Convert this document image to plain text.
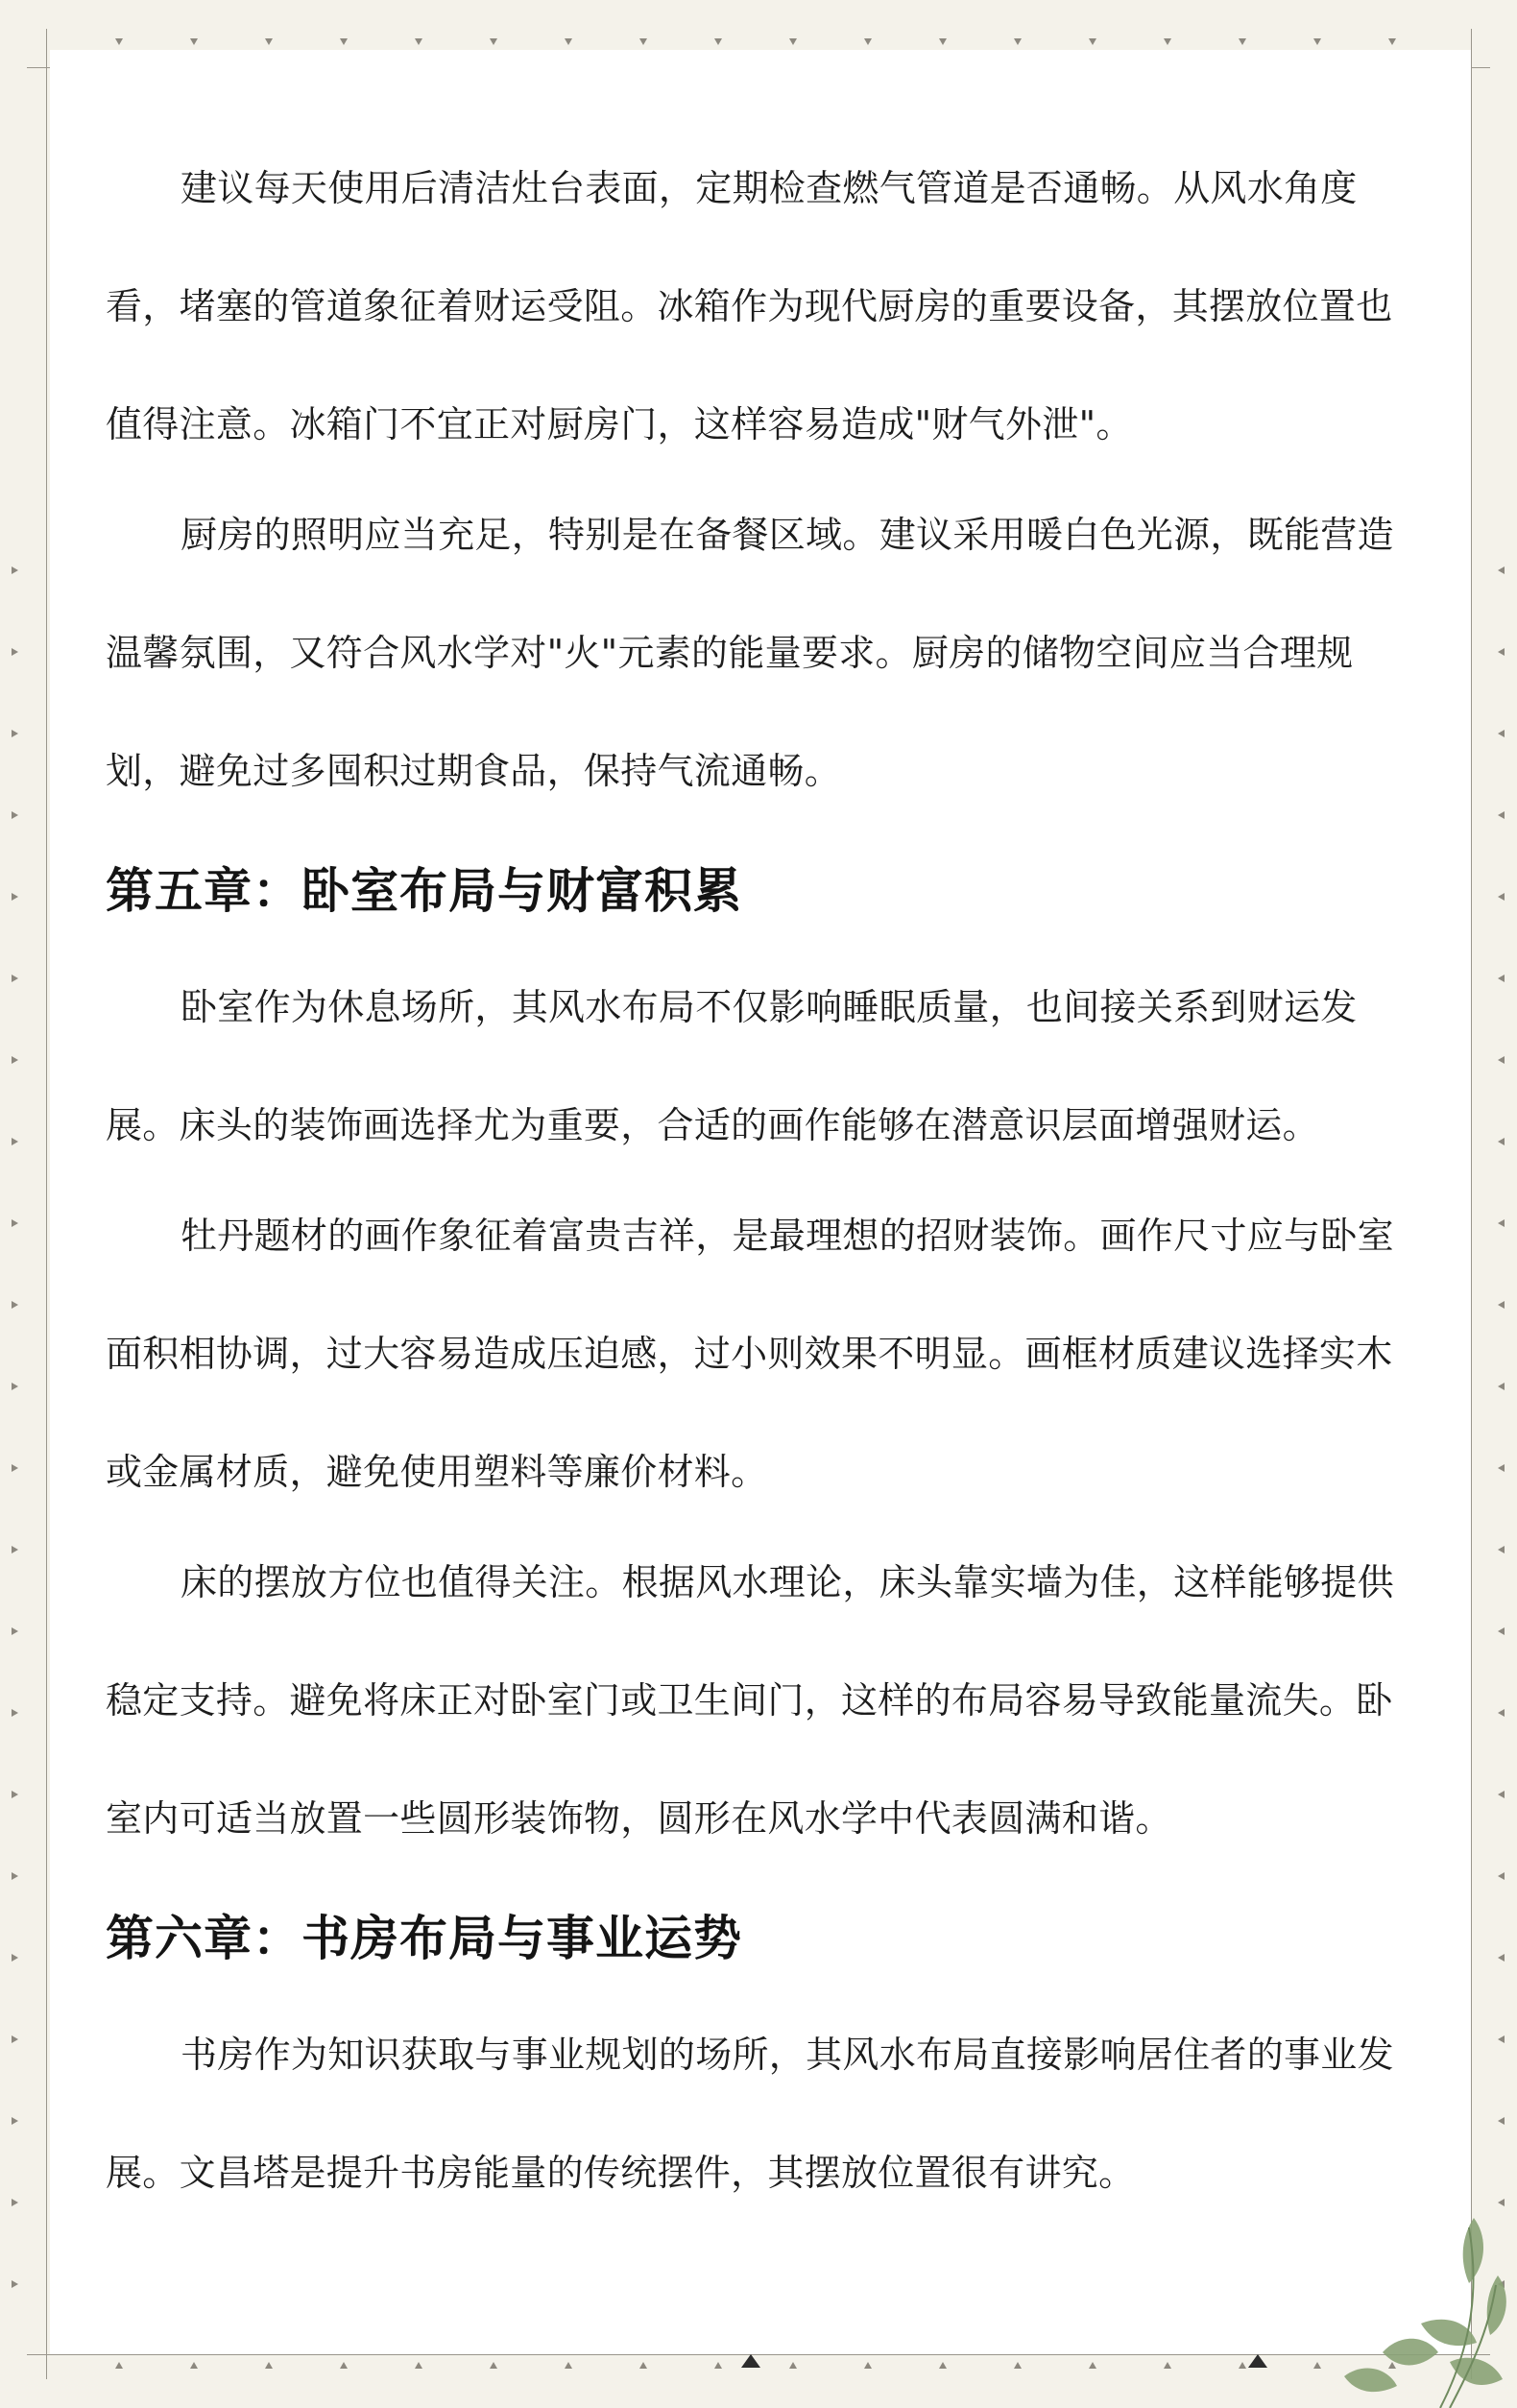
建议每天使用后清洁灶台表面，定期检查燃气管道是否通畅。从风水角度看，堵塞的管道象征着财运受阻。冰箱作为现代厨房的重要设备，其摆放位置也值得注意。冰箱门不宜正对厨房门，这样容易造成"财气外泄"。

厨房的照明应当充足，特别是在备餐区域。建议采用暖白色光源，既能营造温馨氛围，又符合风水学对"火"元素的能量要求。厨房的储物空间应当合理规划，避免过多囤积过期食品，保持气流通畅。

第五章：卧室布局与财富积累

卧室作为休息场所，其风水布局不仅影响睡眠质量，也间接关系到财运发展。床头的装饰画选择尤为重要，合适的画作能够在潜意识层面增强财运。

牡丹题材的画作象征着富贵吉祥，是最理想的招财装饰。画作尺寸应与卧室面积相协调，过大容易造成压迫感，过小则效果不明显。画框材质建议选择实木或金属材质，避免使用塑料等廉价材料。

床的摆放方位也值得关注。根据风水理论，床头靠实墙为佳，这样能够提供稳定支持。避免将床正对卧室门或卫生间门，这样的布局容易导致能量流失。卧室内可适当放置一些圆形装饰物，圆形在风水学中代表圆满和谐。

第六章：书房布局与事业运势

书房作为知识获取与事业规划的场所，其风水布局直接影响居住者的事业发展。文昌塔是提升书房能量的传统摆件，其摆放位置很有讲究。
